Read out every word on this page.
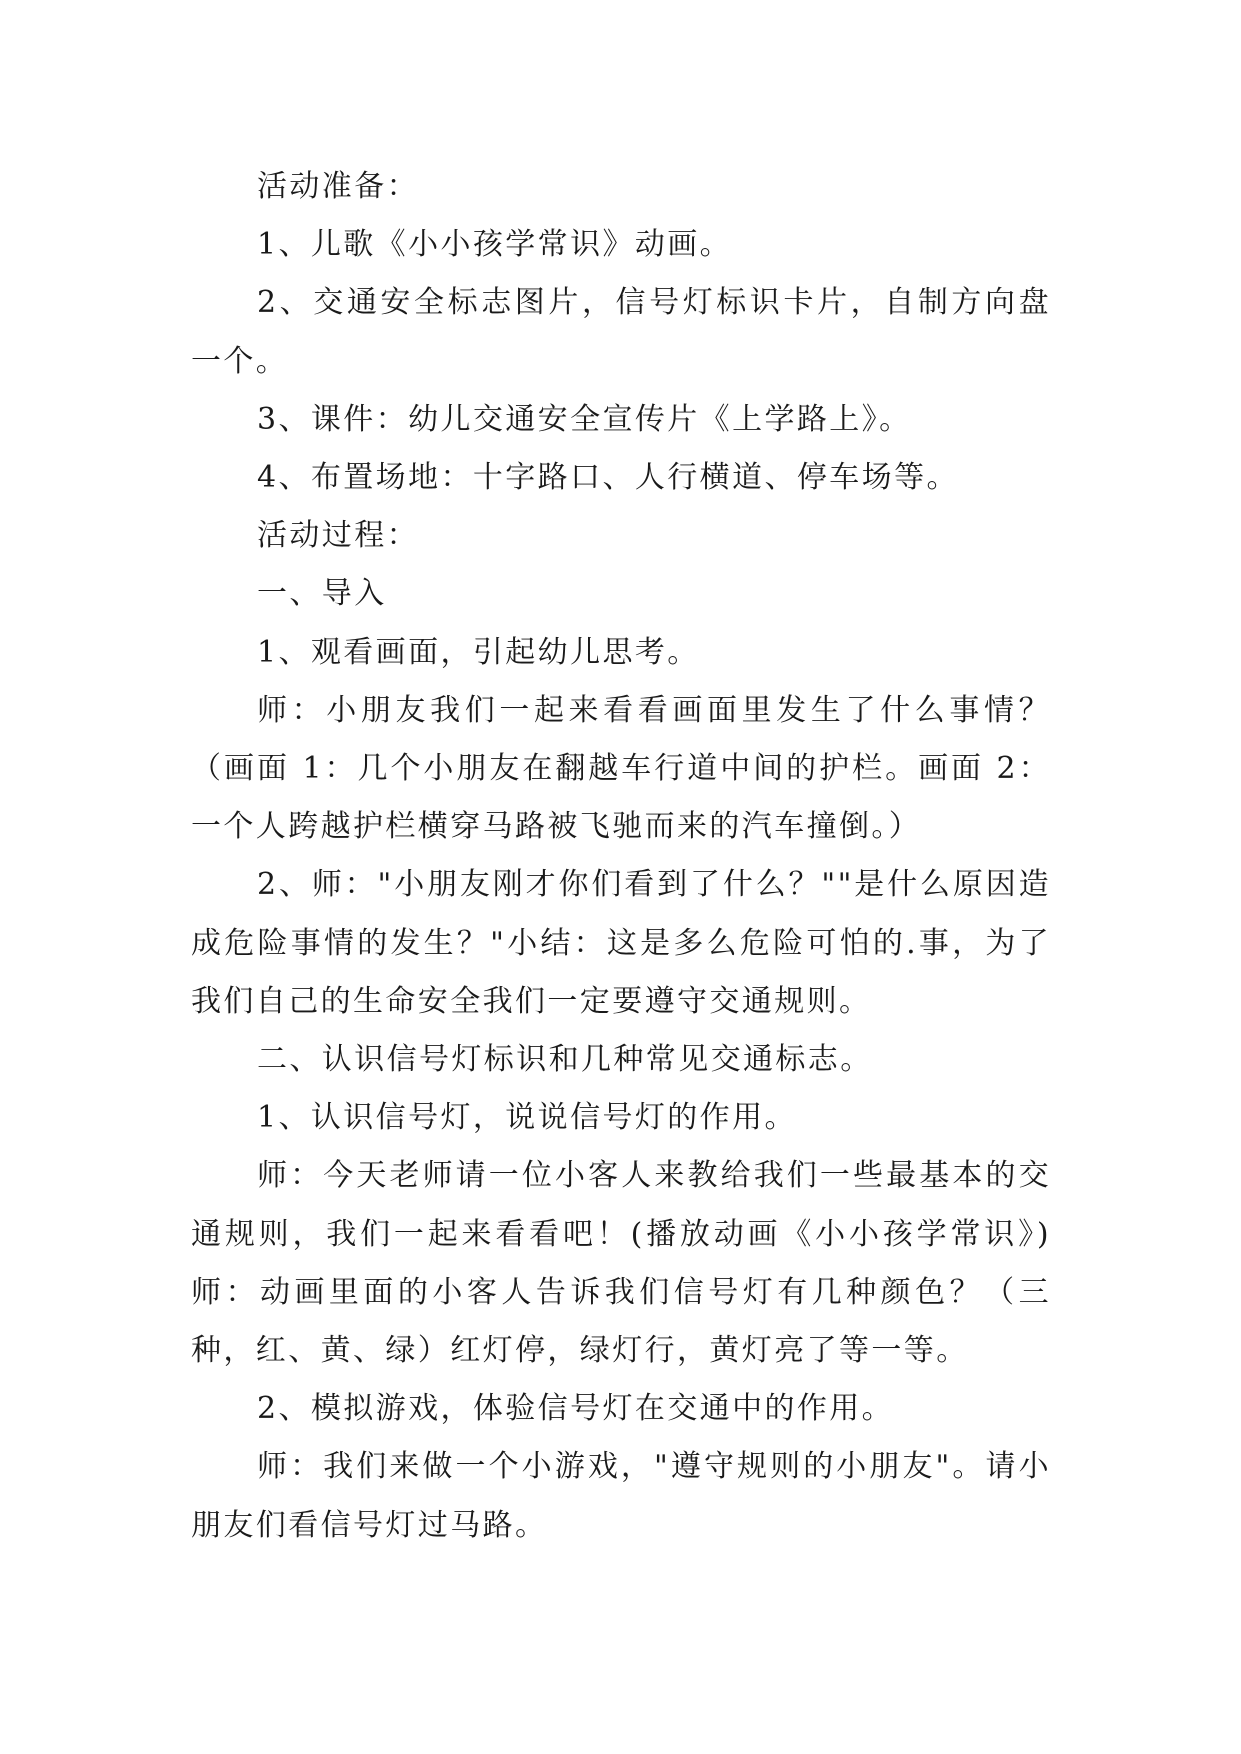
活动准备：

1、儿歌《小小孩学常识》动画。

2、交通安全标志图片，信号灯标识卡片，自制方向盘一个。

3、课件：幼儿交通安全宣传片《上学路上》。

4、布置场地：十字路口、人行横道、停车场等。

活动过程：

一、导入

1、观看画面，引起幼儿思考。

师：小朋友我们一起来看看画面里发生了什么事情？（画面 1：几个小朋友在翻越车行道中间的护栏。画面 2：一个人跨越护栏横穿马路被飞驰而来的汽车撞倒。）

2、师："小朋友刚才你们看到了什么？""是什么原因造成危险事情的发生？"小结：这是多么危险可怕的.事，为了我们自己的生命安全我们一定要遵守交通规则。

二、认识信号灯标识和几种常见交通标志。

1、认识信号灯，说说信号灯的作用。

师：今天老师请一位小客人来教给我们一些最基本的交通规则，我们一起来看看吧！(播放动画《小小孩学常识》)师：动画里面的小客人告诉我们信号灯有几种颜色？（三种，红、黄、绿）红灯停，绿灯行，黄灯亮了等一等。

2、模拟游戏，体验信号灯在交通中的作用。

师：我们来做一个小游戏，"遵守规则的小朋友"。请小朋友们看信号灯过马路。
